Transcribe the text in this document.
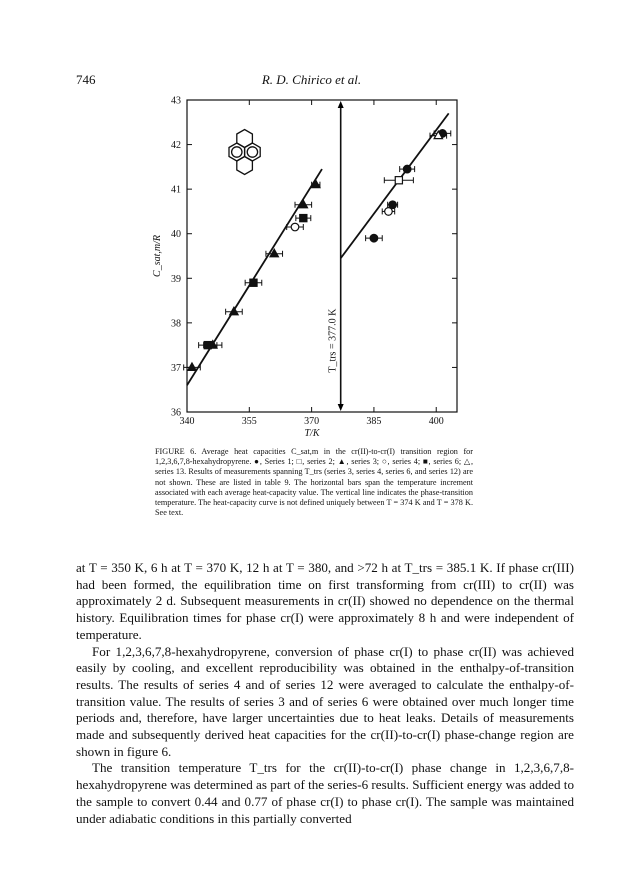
746	R. D. Chirico et al.
340	355	370	385	400
36
37
38
39
40
41
42
43
T/K
C_sat,m/R
T_trs = 377.0 K
FIGURE 6. Average heat capacities C_sat,m in the cr(II)-to-cr(I) transition region for 1,2,3,6,7,8-hexahydropyrene. ●, Series 1; □, series 2; ▲, series 3; ○, series 4; ■, series 6; △, series 13. Results of measurements spanning T_trs (series 3, series 4, series 6, and series 12) are not shown. These are listed in table 9. The horizontal bars span the temperature increment associated with each average heat-capacity value. The vertical line indicates the phase-transition temperature. The heat-capacity curve is not defined uniquely between T = 374 K and T = 378 K. See text.

at T = 350 K, 6 h at T = 370 K, 12 h at T = 380, and >72 h at T_trs = 385.1 K. If phase cr(III) had been formed, the equilibration time on first transforming from cr(III) to cr(II) was approximately 2 d. Subsequent measurements in cr(II) showed no dependence on the thermal history. Equilibration times for phase cr(I) were approximately 8 h and were independent of temperature.

For 1,2,3,6,7,8-hexahydropyrene, conversion of phase cr(I) to phase cr(II) was achieved easily by cooling, and excellent reproducibility was obtained in the enthalpy-of-transition results. The results of series 4 and of series 12 were averaged to calculate the enthalpy-of-transition value. The results of series 3 and of series 6 were obtained over much longer time periods and, therefore, have larger uncertainties due to heat leaks. Details of measurements made and subsequently derived heat capacities for the cr(II)-to-cr(I) phase-change region are shown in figure 6.

The transition temperature T_trs for the cr(II)-to-cr(I) phase change in 1,2,3,6,7,8-hexahydropyrene was determined as part of the series-6 results. Sufficient energy was added to the sample to convert 0.44 and 0.77 of phase cr(I) to phase cr(I). The sample was maintained under adiabatic conditions in this partially converted
